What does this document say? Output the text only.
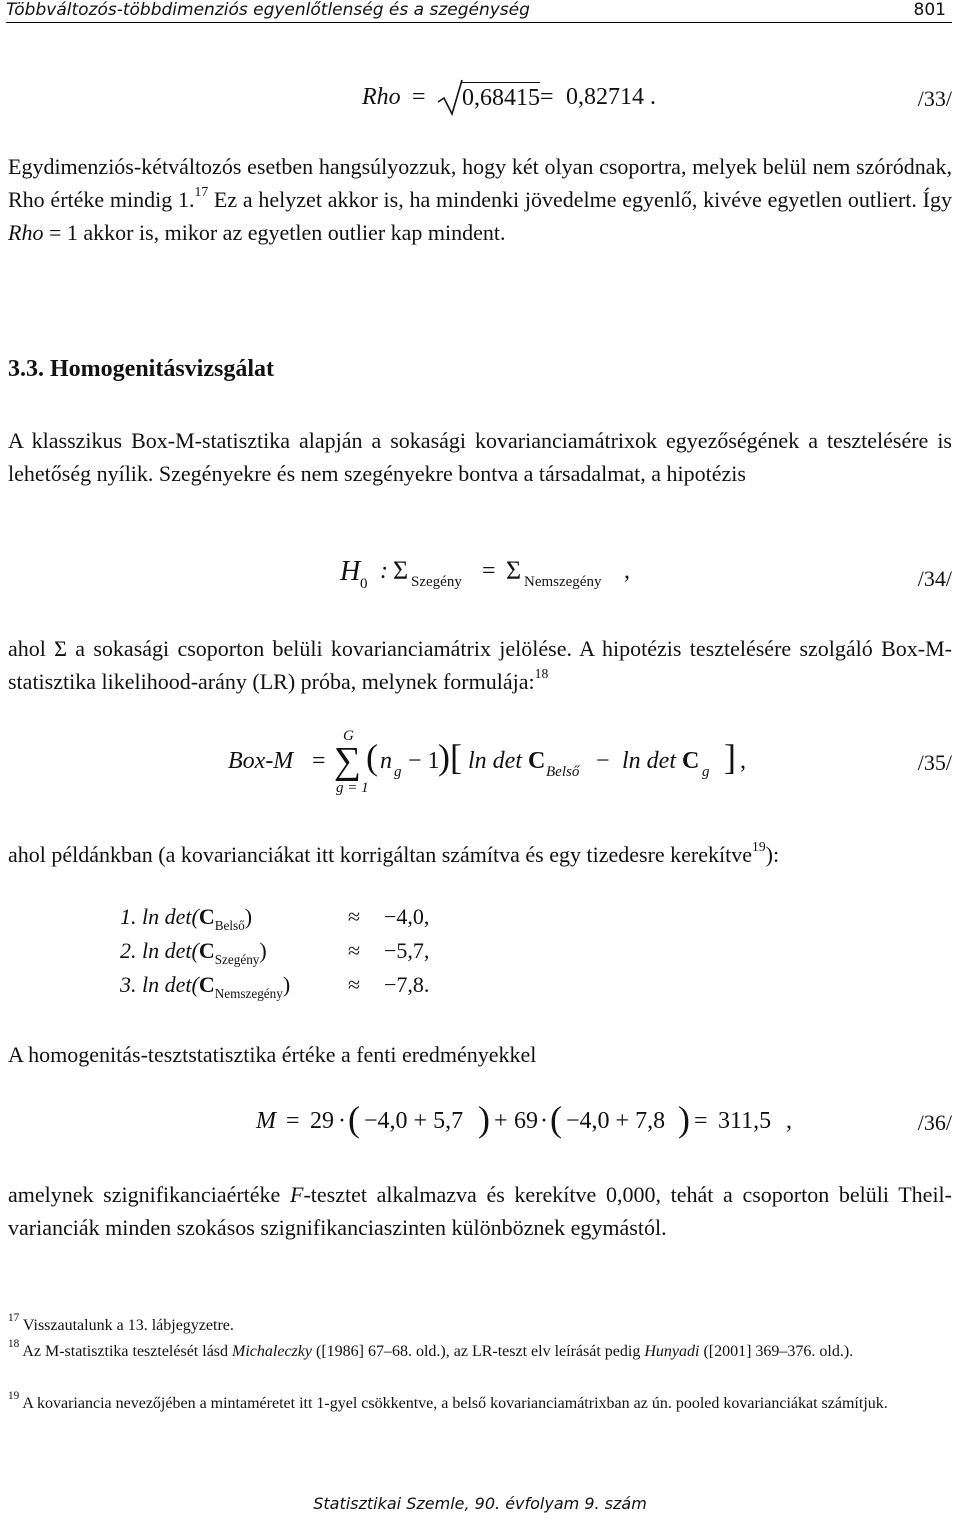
Többváltozós-többdimenziós egyenlőtlenség és a szegénység	801
Rho = 0,68415 = 0,82714 .	/33/
Egydimenziós-kétváltozós esetben hangsúlyozzuk, hogy két olyan csoportra, melyek belül nem szóródnak, Rho értéke mindig 1.17 Ez a helyzet akkor is, ha mindenki jövedelme egyenlő, kivéve egyetlen outliert. Így Rho = 1 akkor is, mikor az egyetlen outlier kap mindent.
3.3. Homogenitásvizsgálat
A klasszikus Box-M-statisztika alapján a sokasági kovarianciamátrixok egyezőségének a tesztelésére is lehetőség nyílik. Szegényekre és nem szegényekre bontva a társadalmat, a hipotézis
H 0 : Σ Szegény = Σ Nemszegény ,	/34/
ahol Σ a sokasági csoporton belüli kovarianciamátrix jelölése. A hipotézis tesztelésére szolgáló Box-M-statisztika likelihood-arány (LR) próba, melynek formulája:$^{18}$
Box-M =
G
∑
g = 1
( n g − 1
) [ ln det C Belső − ln det C g ] ,	/35/
ahol példánkban (a kovarianciákat itt korrigáltan számítva és egy tizedesre kerekítve$^{19}$):
1. $\ln \det(C_{Belső})$	≈ −4,0,
2. $\ln \det(C_{Szegény})$	≈ −5,7,
3. $\ln \det(C_{Nemszegény})$	≈ −7,8.
A homogenitás-tesztstatisztika értéke a fenti eredményekkel
M = 29 · ( −4,0 + 5,7 ) + 69 · ( −4,0 + 7,8 ) = 311,5 ,	/36/
amelynek szignifikanciaértéke F-tesztet alkalmazva és kerekítve 0,000, tehát a csoporton belüli Theil-varianciák minden szokásos szignifikanciaszinten különböznek egymástól.
$^{17}$ Visszautalunk a 13. lábjegyzetre.
$^{18}$ Az M-statisztika tesztelését lásd Michaleczky ([1986] 67–68. old.), az LR-teszt elv leírását pedig Hunyadi ([2001] 369–376. old.).
$^{19}$ A kovariancia nevezőjében a mintaméretet itt 1-gyel csökkentve, a belső kovarianciamátrixban az ún. pooled kovarianciákat számítjuk.
Statisztikai Szemle, 90. évfolyam 9. szám
